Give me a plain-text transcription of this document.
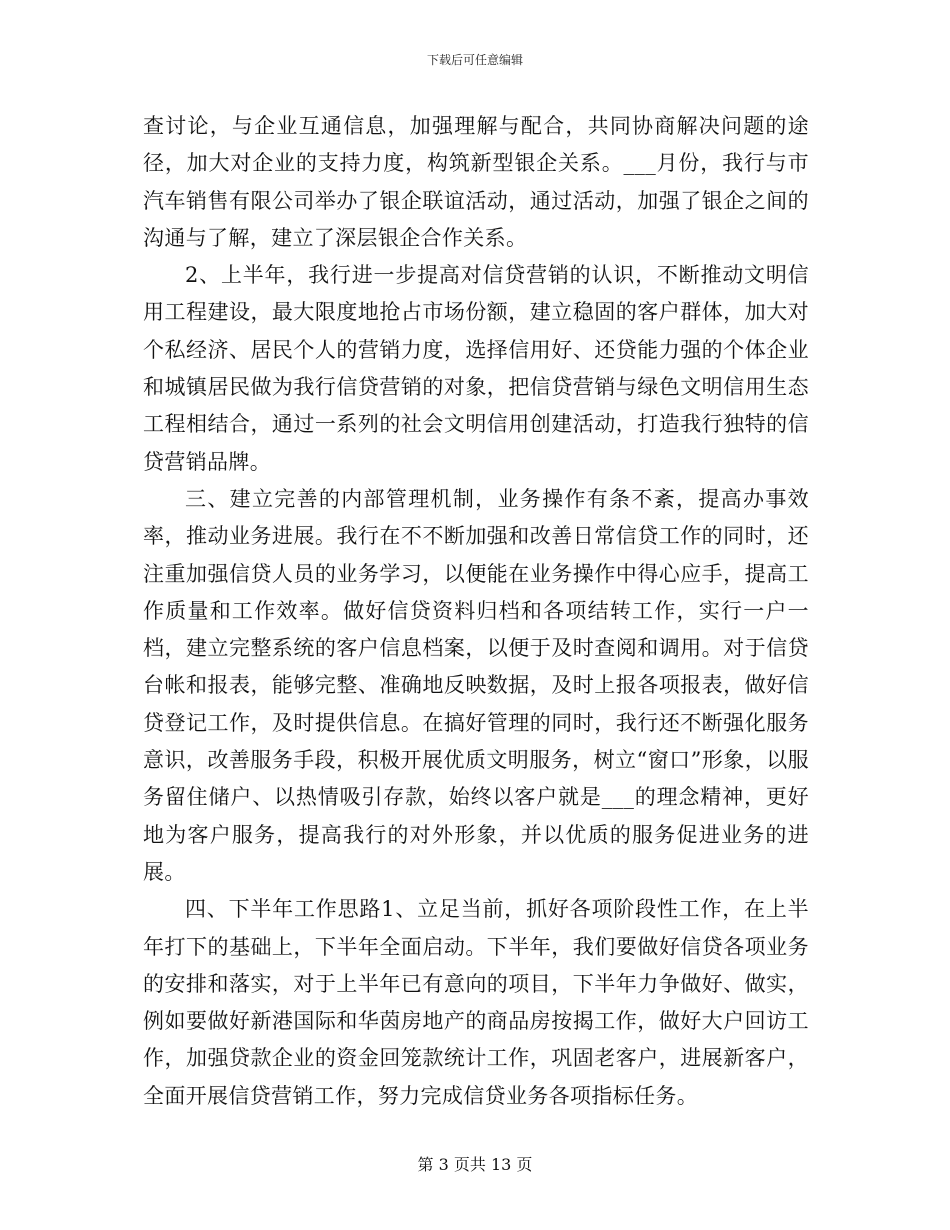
下载后可任意编辑

查讨论，与企业互通信息，加强理解与配合，共同协商解决问题的途径，加大对企业的支持力度，构筑新型银企关系。___月份，我行与市汽车销售有限公司举办了银企联谊活动，通过活动，加强了银企之间的沟通与了解，建立了深层银企合作关系。

2、上半年，我行进一步提高对信贷营销的认识，不断推动文明信用工程建设，最大限度地抢占市场份额，建立稳固的客户群体，加大对个私经济、居民个人的营销力度，选择信用好、还贷能力强的个体企业和城镇居民做为我行信贷营销的对象，把信贷营销与绿色文明信用生态工程相结合，通过一系列的社会文明信用创建活动，打造我行独特的信贷营销品牌。

三、建立完善的内部管理机制，业务操作有条不紊，提高办事效率，推动业务进展。我行在不不断加强和改善日常信贷工作的同时，还注重加强信贷人员的业务学习，以便能在业务操作中得心应手，提高工作质量和工作效率。做好信贷资料归档和各项结转工作，实行一户一档，建立完整系统的客户信息档案，以便于及时查阅和调用。对于信贷台帐和报表，能够完整、准确地反映数据，及时上报各项报表，做好信贷登记工作，及时提供信息。在搞好管理的同时，我行还不断强化服务意识，改善服务手段，积极开展优质文明服务，树立“窗口”形象，以服务留住储户、以热情吸引存款，始终以客户就是___的理念精神，更好地为客户服务，提高我行的对外形象，并以优质的服务促进业务的进展。

四、下半年工作思路1、立足当前，抓好各项阶段性工作，在上半年打下的基础上，下半年全面启动。下半年，我们要做好信贷各项业务的安排和落实，对于上半年已有意向的项目，下半年力争做好、做实，例如要做好新港国际和华茵房地产的商品房按揭工作，做好大户回访工作，加强贷款企业的资金回笼款统计工作，巩固老客户，进展新客户，全面开展信贷营销工作，努力完成信贷业务各项指标任务。

第 3 页共 13 页
